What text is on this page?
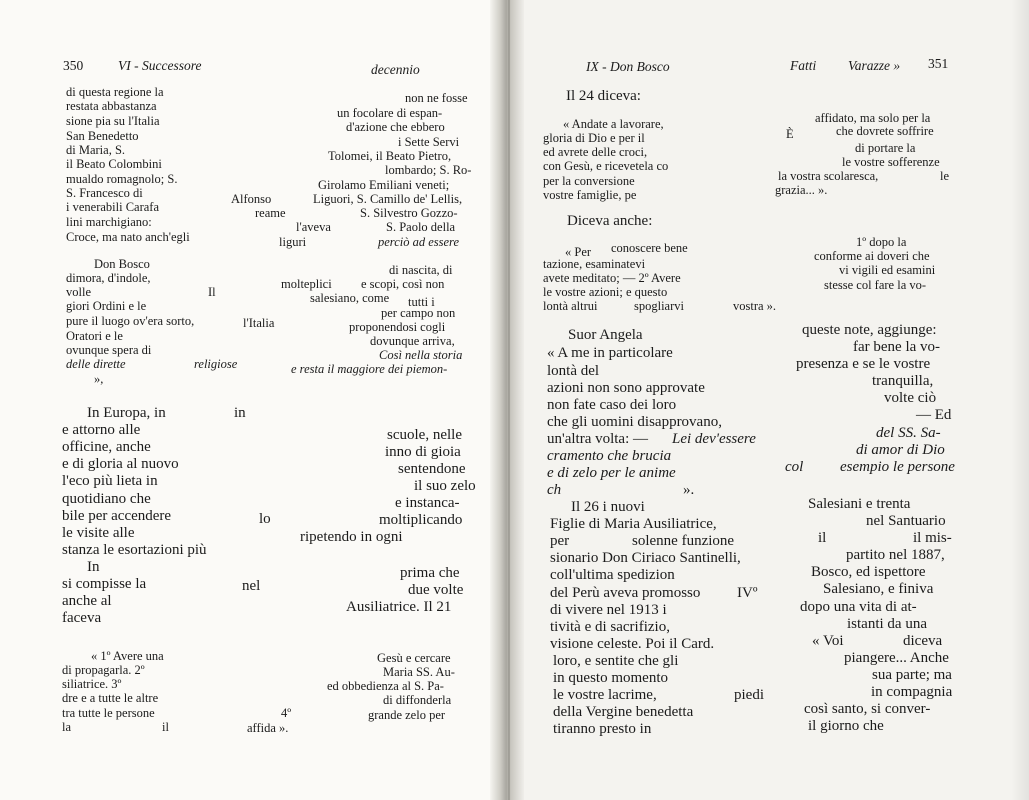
350	VI - Successore	decennio
di questa regione la
restata abbastanza
sione pia su l'Italia
San Benedetto
di Maria, S.
il Beato Colombini
mualdo romagnolo; S.
S. Francesco di
i venerabili Carafa
lini marchigiano:
Croce, ma nato anch'egli
non ne fosse
un focolare di espan-
d'azione che ebbero
i Sette Servi
Tolomei, il Beato Pietro,
lombardo; S. Ro-
Girolamo Emiliani veneti;
Alfonso	Liguori, S. Camillo de' Lellis,
reame	S. Silvestro Gozzo-
l'aveva	S. Paolo della
liguri	perciò ad essere
Don Bosco
dimora, d'indole,
volle	Il
giori Ordini e le
pure il luogo ov'era sorto,
Oratori e le
ovunque spera di
delle dirette	religiose
»,
di nascita, di
molteplici e scopi, così non
salesiano, come tutti i
per campo non
l'Italia	proponendosi cogli
dovunque arriva,
Così nella storia
e resta il maggiore dei piemon-
In Europa, in	in
e attorno alle
officine, anche
e di gloria al nuovo
l'eco più lieta in
quotidiano che
bile per accendere	lo
le visite alle
stanza le esortazioni più
In
si compisse la	nel
anche al
faceva
scuole, nelle
inno di gioia
sentendone
il suo zelo
e instanca-
moltiplicando
ripetendo in ogni
prima che
due volte
Ausiliatrice. Il 21
« 1º Avere una
di propagarla. 2º
siliatrice. 3º
dre e a tutte le altre
tra tutte le persone
la	il
4º
affida ».
Gesù e cercare
Maria SS. Au-
ed obbedienza al S. Pa-
di diffonderla
grande zelo per
IX - Don Bosco	Fatti Varazze » 351
Il 24 diceva:
« Andate a lavorare,
gloria di Dio e per il
ed avrete delle croci,
con Gesù, e ricevetela co
per la conversione
vostre famiglie, pe
affidato, ma solo per la
È	che dovrete soffrire
di portare la
le vostre sofferenze
la vostra scolaresca,	le
grazia... ».
Diceva anche:
« Per conoscere bene
tazione, esaminatevi
avete meditato; — 2º Avere
le vostre azioni; e questo
lontà altrui	spogliarvi	vostra ».
1º dopo la
conforme ai doveri che
vi vigili ed esamini
stesse col fare la vo-
Suor Angela
« A me in particolare
lontà del
azioni non sono approvate
non fate caso dei loro
che gli uomini disapprovano,
un'altra volta: — Lei dev'essere
cramento che brucia
e di zelo per le anime
ch	».
queste note, aggiunge:
far bene la vo-
presenza e se le vostre
tranquilla,
volte ciò
— Ed
del SS. Sa-
di amor di Dio
col esempio le persone
Il 26 i nuovi
Figlie di Maria Ausiliatrice,
per	solenne funzione
sionario Don Ciriaco Santinelli,
coll'ultima spedizion
del Perù aveva promosso IVº
di vivere nel 1913 i
tività e di sacrifizio,
visione celeste. Poi il Card.
loro, e sentite che gli
in questo momento
le vostre lacrime,	piedi
della Vergine benedetta
tiranno presto in
Salesiani e trenta
nel Santuario
il	il mis-
partito nel 1887,
Bosco, ed ispettore
Salesiano, e finiva
dopo una vita di at-
istanti da una
« Voi	diceva
piangere... Anche
sua parte; ma
in compagnia
così santo, si conver-
il giorno che
